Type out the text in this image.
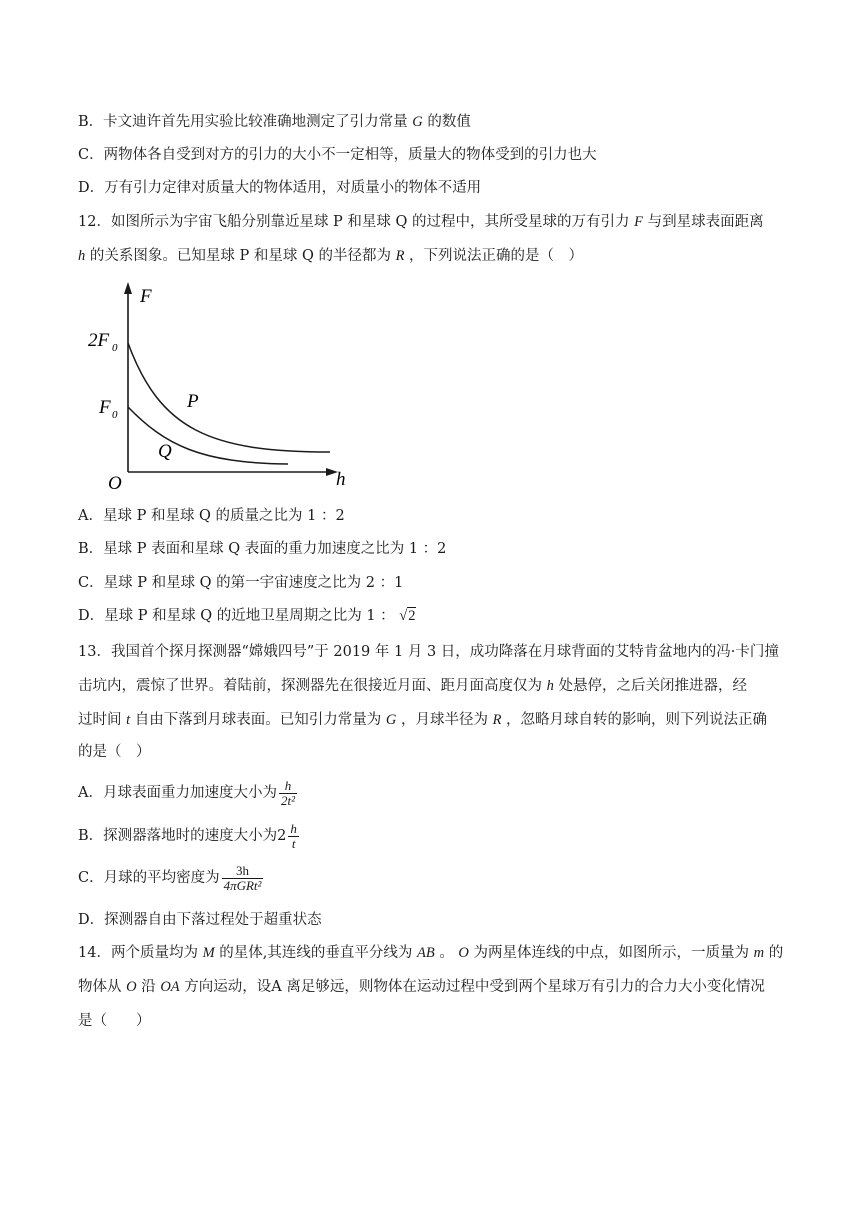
B．卡文迪许首先用实验比较准确地测定了引力常量 G 的数值
C．两物体各自受到对方的引力的大小不一定相等，质量大的物体受到的引力也大
D．万有引力定律对质量大的物体适用，对质量小的物体不适用
12．如图所示为宇宙飞船分别靠近星球 P 和星球 Q 的过程中，其所受星球的万有引力 F 与到星球表面距离
h 的关系图象。已知星球 P 和星球 Q 的半径都为 R ，下列说法正确的是（　）
F
h
O
2F 0
F 0
P
Q
A．星球 P 和星球 Q 的质量之比为 1 ：2
B．星球 P 表面和星球 Q 表面的重力加速度之比为 1 ：2
C．星球 P 和星球 Q 的第一宇宙速度之比为 2 ：1
D．星球 P 和星球 Q 的近地卫星周期之比为 1 ： √2
13．我国首个探月探测器“嫦娥四号”于 2019 年 1 月 3 日，成功降落在月球背面的艾特肯盆地内的冯·卡门撞
击坑内，震惊了世界。着陆前，探测器先在很接近月面、距月面高度仅为 h 处悬停，之后关闭推进器，经
过时间 t 自由下落到月球表面。已知引力常量为 G ，月球半径为 R ，忽略月球自转的影响，则下列说法正确
的是（　）
A．月球表面重力加速度大小为 $\frac{h}{\text{2t²}}$
B．探测器落地时的速度大小为$2 \frac{h}{t}$
C．月球的平均密度为 $\frac{3h}{\text{4πGRt²}}$
D．探测器自由下落过程处于超重状态
14．两个质量均为 M 的星体,其连线的垂直平分线为 AB 。 O 为两星体连线的中点，如图所示，一质量为 m 的
物体从 O 沿 OA 方向运动，设A 离足够远，则物体在运动过程中受到两个星球万有引力的合力大小变化情况
是（　　）
